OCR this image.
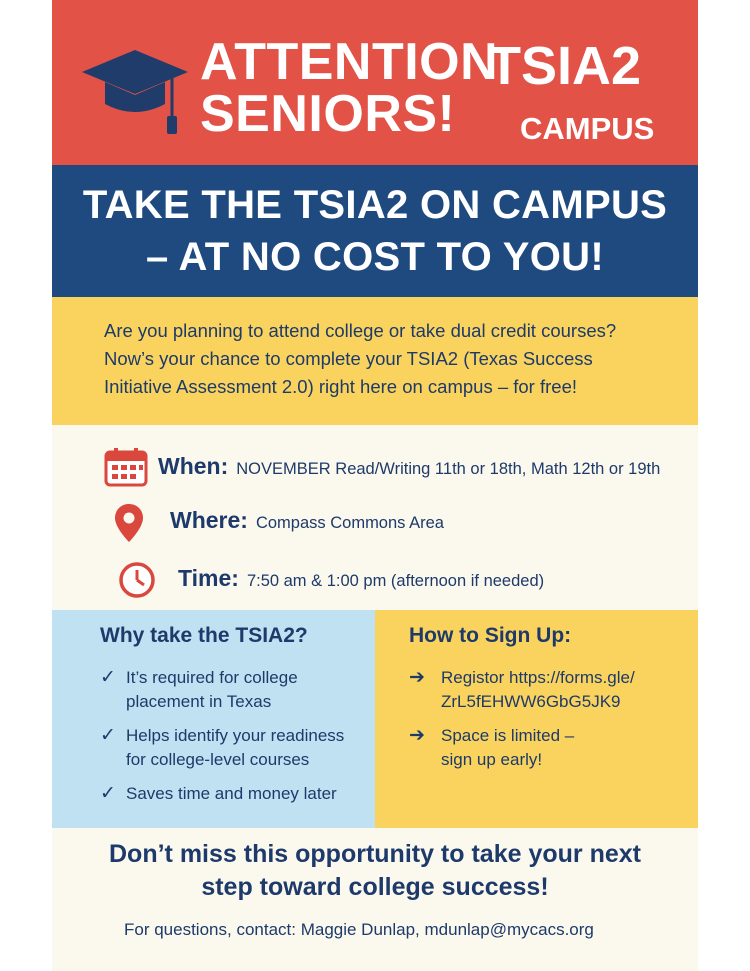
ATTENTION
SENIORS!
TSIA2
CAMPUS
TAKE THE TSIA2 ON CAMPUS
– AT NO COST TO YOU!
Are you planning to attend college or take dual credit courses?
Now’s your chance to complete your TSIA2 (Texas Success
Initiative Assessment 2.0) right here on campus – for free!
When: NOVEMBER Read/Writing 11th or 18th, Math 12th or 19th
Where: Compass Commons Area
Time: 7:50 am & 1:00 pm (afternoon if needed)
Why take the TSIA2?
✓ It’s required for college
placement in Texas
✓ Helps identify your readiness
for college-level courses
✓ Saves time and money later
How to Sign Up:
➔ Registor https://forms.gle/
ZrL5fEHWW6GbG5JK9
➔ Space is limited –
sign up early!
Don’t miss this opportunity to take your next
step toward college success!
For questions, contact: Maggie Dunlap, mdunlap@mycacs.org
